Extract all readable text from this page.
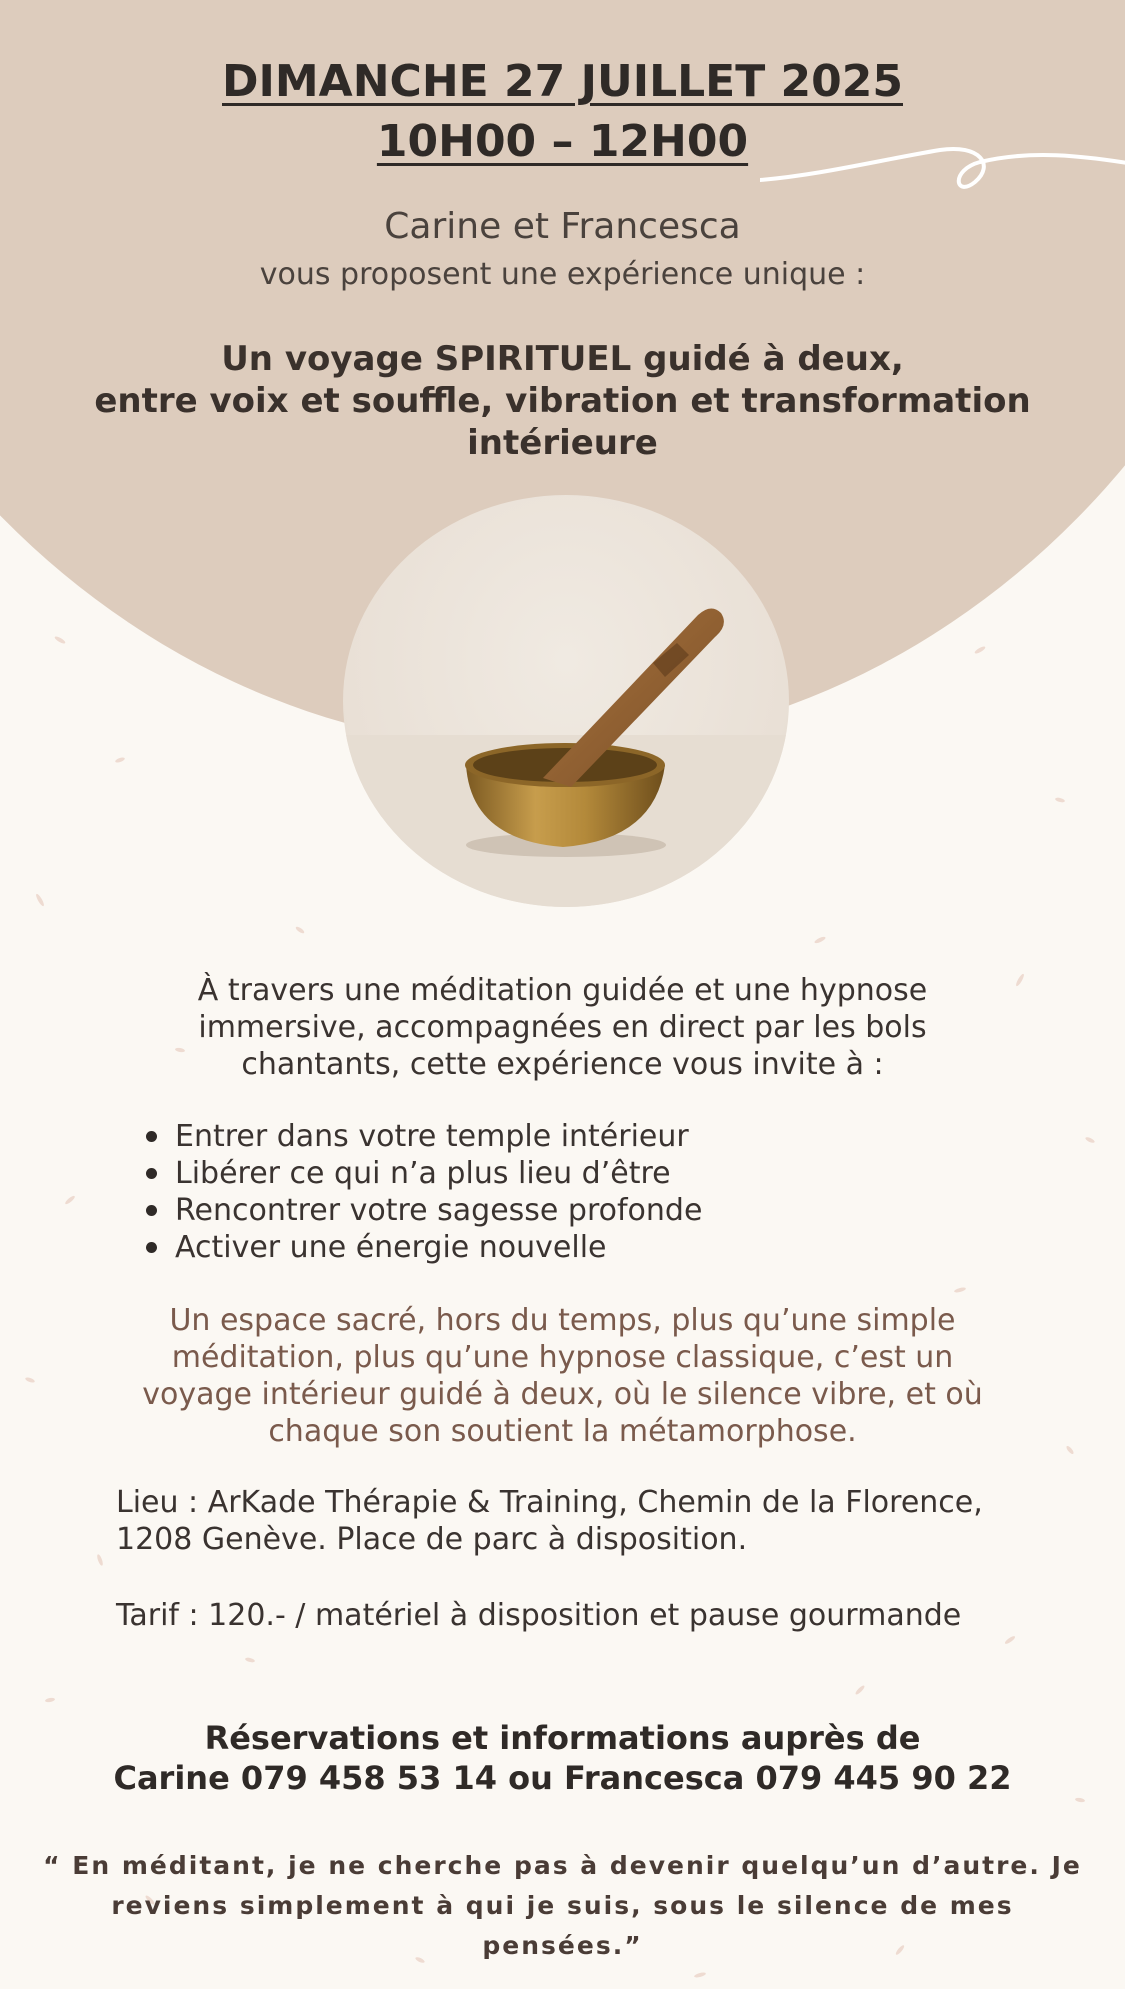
DIMANCHE 27 JUILLET 2025
10H00 – 12H00
Carine et Francesca
vous proposent une expérience unique :
Un voyage SPIRITUEL guidé à deux,
entre voix et souffle, vibration et transformation
intérieure
À travers une méditation guidée et une hypnose
immersive, accompagnées en direct par les bols
chantants, cette expérience vous invite à :
Entrer dans votre temple intérieur
Libérer ce qui n’a plus lieu d’être
Rencontrer votre sagesse profonde
Activer une énergie nouvelle
Un espace sacré, hors du temps, plus qu’une simple
méditation, plus qu’une hypnose classique, c’est un
voyage intérieur guidé à deux, où le silence vibre, et où
chaque son soutient la métamorphose.
Lieu : ArKade Thérapie & Training, Chemin de la Florence,
1208 Genève. Place de parc à disposition.
Tarif : 120.- / matériel à disposition et pause gourmande
Réservations et informations auprès de
Carine 079 458 53 14 ou Francesca 079 445 90 22
“ En méditant, je ne cherche pas à devenir quelqu’un d’autre. Je
reviens simplement à qui je suis, sous le silence de mes
pensées.”
